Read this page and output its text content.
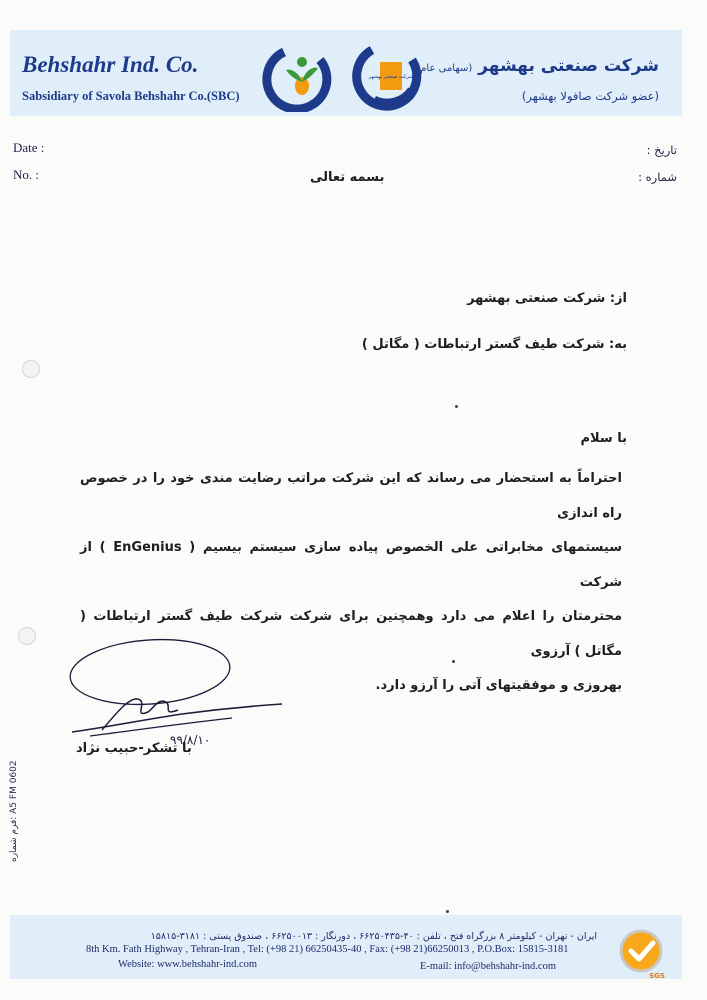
Behshahr Ind. Co.
Sabsidiary of Savola Behshahr Co.(SBC)
شرکت صنعتی بهشهر (سهامی عام)
(عضو شرکت صافولا بهشهر)
شرکت صنعتی بهشهر
Date :
No. :
تاریخ :
شماره :
بسمه تعالی
از: شرکت صنعتی بهشهر
به: شرکت طیف گستر ارتباطات ( مگاتل )
با سلام
احتراماً به استحضار می رساند که این شرکت مراتب رضایت مندی خود را در خصوص راه اندازی
سیستمهای مخابراتی علی الخصوص پیاده سازی سیستم بیسیم ( EnGenius ) از شرکت
محترمتان را اعلام می دارد وهمچنین برای شرکت شرکت طیف گستر ارتباطات ( مگاتل ) آرزوی
بهروزی و موفقیتهای آتی را آرزو دارد.
۹۹/۸/۱۰
با تشکر-حبیب نژاد
فرم شماره: A5 FM 0602
ایران - تهران - کیلومتر ۸ بزرگراه فتح ، تلفن : ۴۰-۶۶۲۵۰۴۳۵ ، دورنگار : ۶۶۲۵۰۰۱۳ ، صندوق پستی : ۳۱۸۱-۱۵۸۱۵
8th Km. Fath Highway , Tehran-Iran , Tel: (+98 21) 66250435-40 , Fax: (+98 21)66250013 , P.O.Box: 15815-3181
Website: www.behshahr-ind.com	E-mail: info@behshahr-ind.com
SGS
